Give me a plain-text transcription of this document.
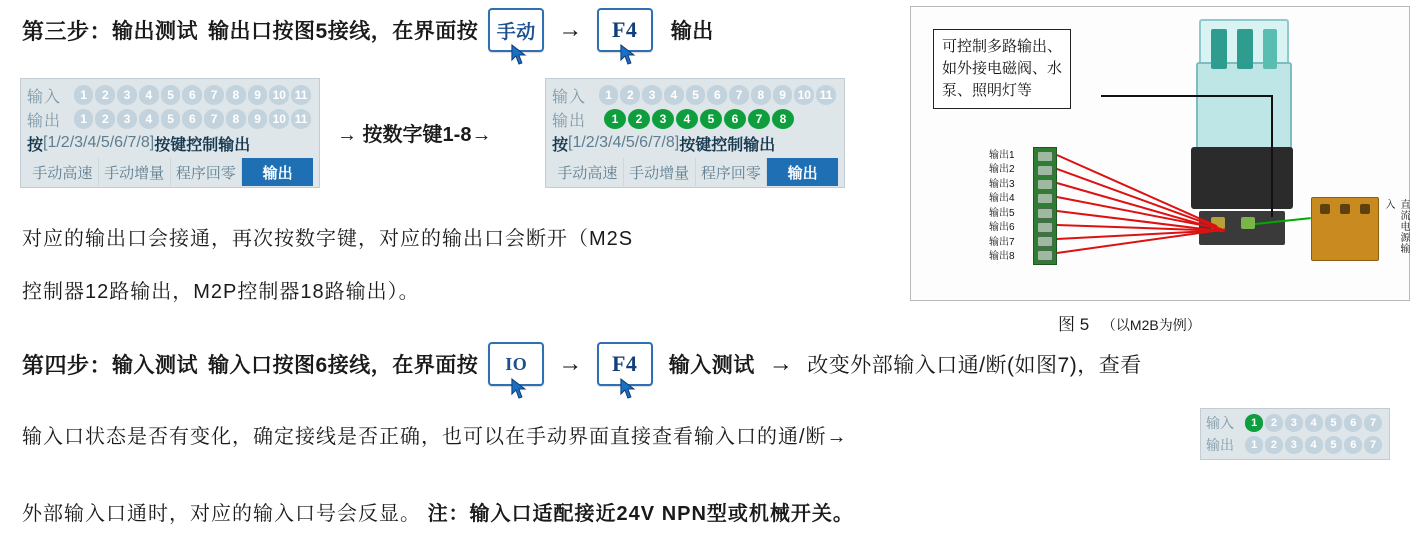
第三步： 输出测试 输出口按图5接线，在界面按 手动 → F4 输出
输入	1	2	3	4	5	6	7	8	9 10 11
输出	1	2	3	4	5	6	7	8	9 10 11
按 [1/2/3/4/5/6/7/8] 按键控制输出
手动高速 手动增量 程序回零	输出
→ 按数字键1-8→
输入	1	2	3	4	5	6	7	8	9 10 11
输出	1	2	3	4	5	6	7	8
按 [1/2/3/4/5/6/7/8] 按键控制输出
手动高速 手动增量 程序回零	输出
对应的输出口会接通，再次按数字键，对应的输出口会断开（M2S
控制器12路输出，M2P控制器18路输出）。
第四步： 输入测试 输入口按图6接线，在界面按 IO → F4 输入测试 → 改变外部输入口通/断(如图7)，查看
输入口状态是否有变化，确定接线是否正确，也可以在手动界面直接查看输入口的通/断→
输入	1	2	3	4	5	6	7
输出	1	2	3	4	5	6	7
外部输入口通时，对应的输入口号会反显。 注：输入口适配接近24V NPN型或机械开关。
可控制多路输出、
如外接电磁阀、水
泵、照明灯等
输出1
输出2
输出3
输出4
输出5
输出6
输出7
输出8
直流电源输入
图 5 （以M2B为例）
